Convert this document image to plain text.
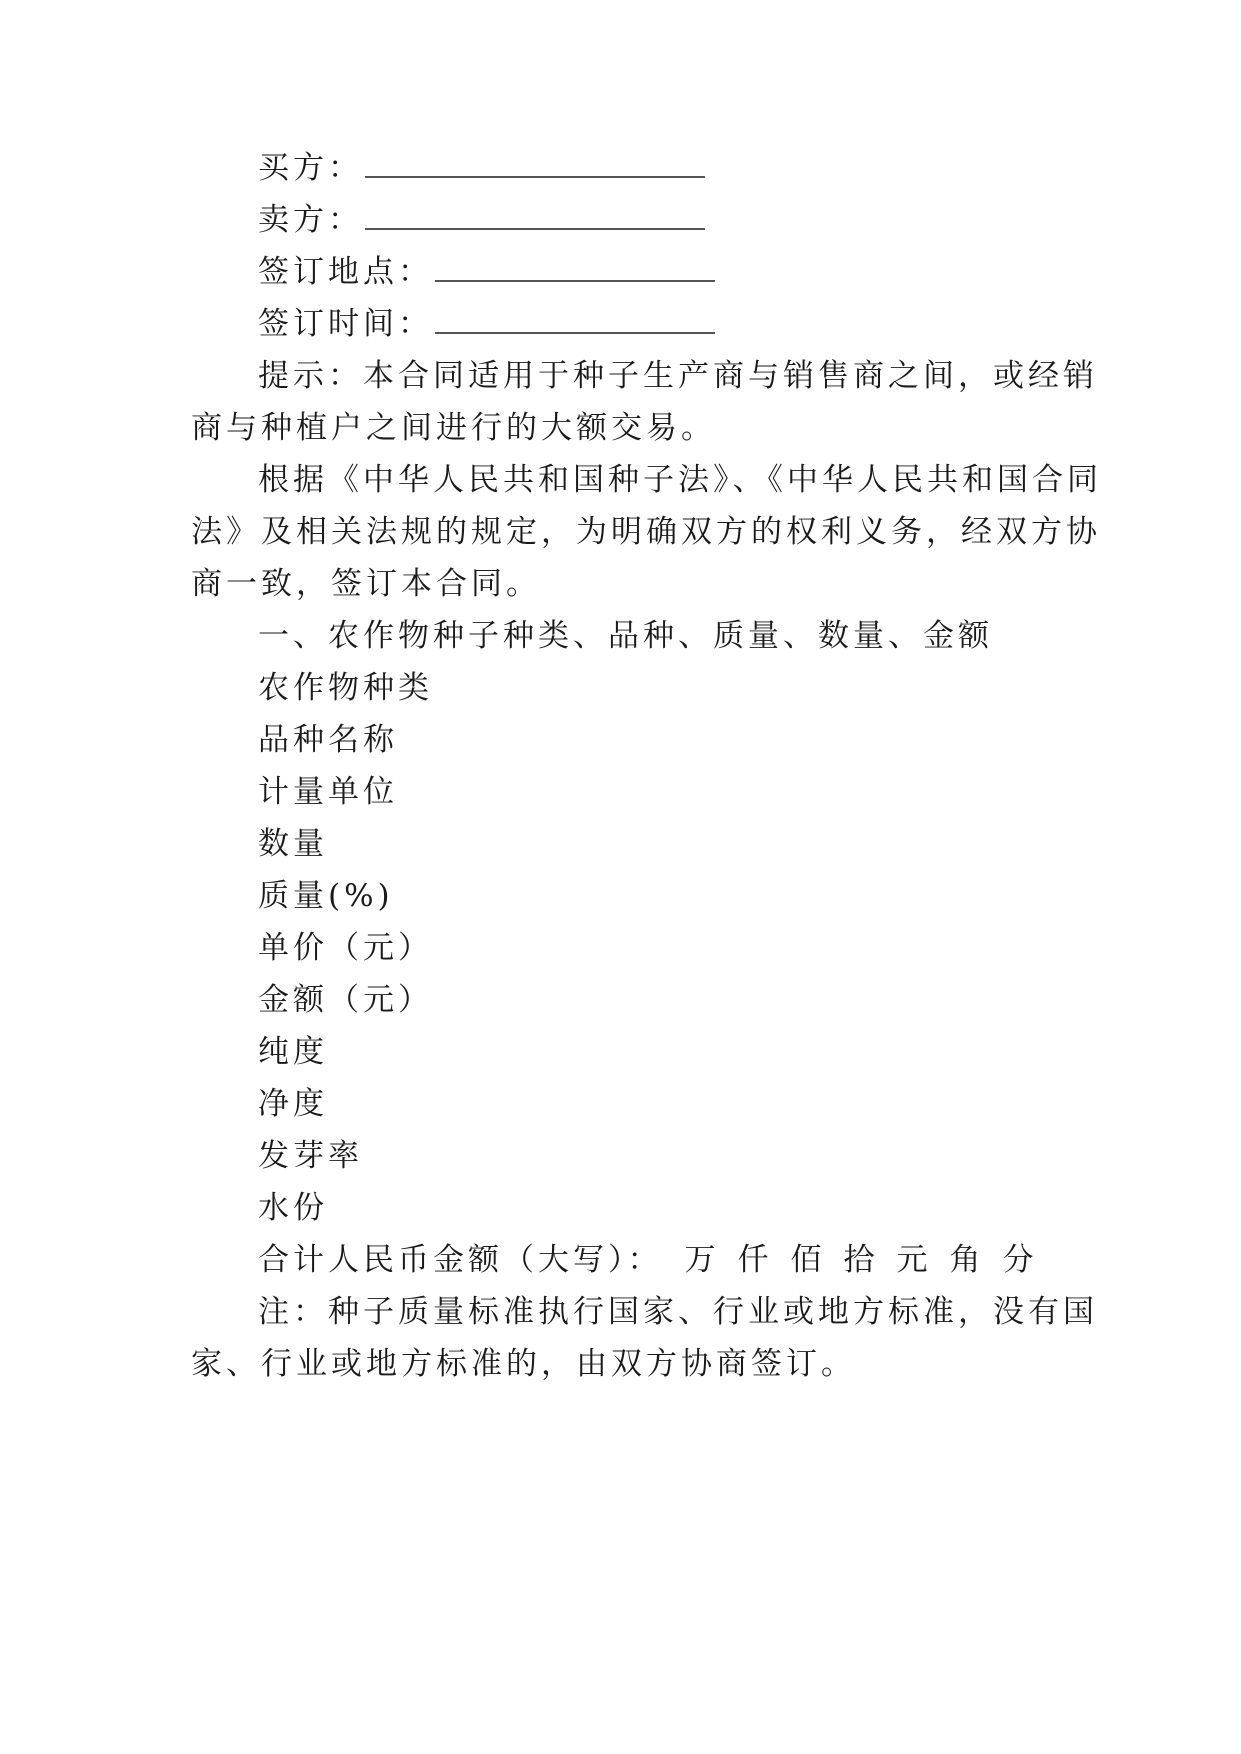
买方：
卖方：
签订地点：
签订时间：
提示：本合同适用于种子生产商与销售商之间，或经销
商与种植户之间进行的大额交易。
根据《中华人民共和国种子法》、《中华人民共和国合同
法》及相关法规的规定，为明确双方的权利义务，经双方协
商一致，签订本合同。
一、农作物种子种类、品种、质量、数量、金额
农作物种类
品种名称
计量单位
数量
质量(%)
单价（元）
金额（元）
纯度
净度
发芽率
水份
合计人民币金额（大写）： 万仟佰拾元角分
注：种子质量标准执行国家、行业或地方标准，没有国
家、行业或地方标准的，由双方协商签订。
